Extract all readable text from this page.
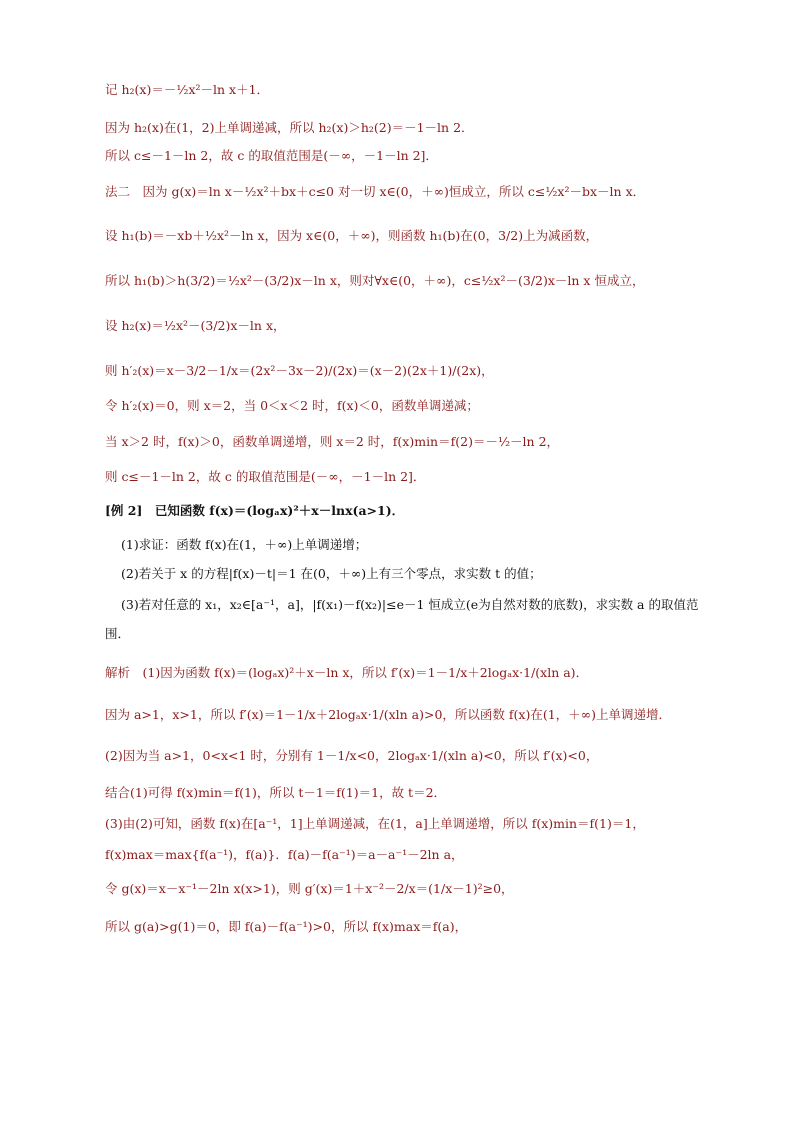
记 h₂(x)＝－½x²－ln x＋1．
因为 h₂(x)在(1，2)上单调递减，所以 h₂(x)＞h₂(2)＝－1－ln 2．
所以 c≤－1－ln 2，故 c 的取值范围是(－∞，－1－ln 2]．
法二　因为 g(x)＝ln x－½x²＋bx＋c≤0 对一切 x∈(0，＋∞)恒成立，所以 c≤½x²－bx－ln x．
设 h₁(b)＝－xb＋½x²－ln x，因为 x∈(0，＋∞)，则函数 h₁(b)在(0，3/2)上为减函数，
所以 h₁(b)＞h(3/2)＝½x²－(3/2)x－ln x，则对∀x∈(0，＋∞)，c≤½x²－(3/2)x－ln x 恒成立，
设 h₂(x)＝½x²－(3/2)x－ln x，
则 h′₂(x)＝x－3/2－1/x＝(2x²－3x－2)/(2x)＝(x－2)(2x＋1)/(2x)，
令 h′₂(x)＝0，则 x＝2，当 0＜x＜2 时，f(x)＜0，函数单调递减；
当 x＞2 时，f(x)＞0，函数单调递增，则 x＝2 时，f(x)min＝f(2)＝－½－ln 2，
则 c≤－1－ln 2，故 c 的取值范围是(－∞，－1－ln 2]．
[例 2]　已知函数 f(x)＝(logₐx)²＋x－lnx(a>1)．
(1)求证：函数 f(x)在(1，＋∞)上单调递增；
(2)若关于 x 的方程|f(x)－t|＝1 在(0，＋∞)上有三个零点，求实数 t 的值；
(3)若对任意的 x₁，x₂∈[a⁻¹，a]，|f(x₁)－f(x₂)|≤e－1 恒成立(e为自然对数的底数)，求实数 a 的取值范
围．
解析　(1)因为函数 f(x)＝(logₐx)²＋x－ln x，所以 f′(x)＝1－1/x＋2logₐx·1/(xln a)．
因为 a>1，x>1，所以 f′(x)＝1－1/x＋2logₐx·1/(xln a)>0，所以函数 f(x)在(1，＋∞)上单调递增．
(2)因为当 a>1，0<x<1 时，分别有 1－1/x<0，2logₐx·1/(xln a)<0，所以 f′(x)<0，
结合(1)可得 f(x)min＝f(1)，所以 t－1＝f(1)＝1，故 t＝2．
(3)由(2)可知，函数 f(x)在[a⁻¹，1]上单调递减，在(1，a]上单调递增，所以 f(x)min＝f(1)＝1，
f(x)max＝max{f(a⁻¹)，f(a)}．f(a)－f(a⁻¹)＝a－a⁻¹－2ln a，
令 g(x)＝x－x⁻¹－2ln x(x>1)，则 g′(x)＝1＋x⁻²－2/x＝(1/x－1)²≥0，
所以 g(a)>g(1)＝0，即 f(a)－f(a⁻¹)>0，所以 f(x)max＝f(a)，
